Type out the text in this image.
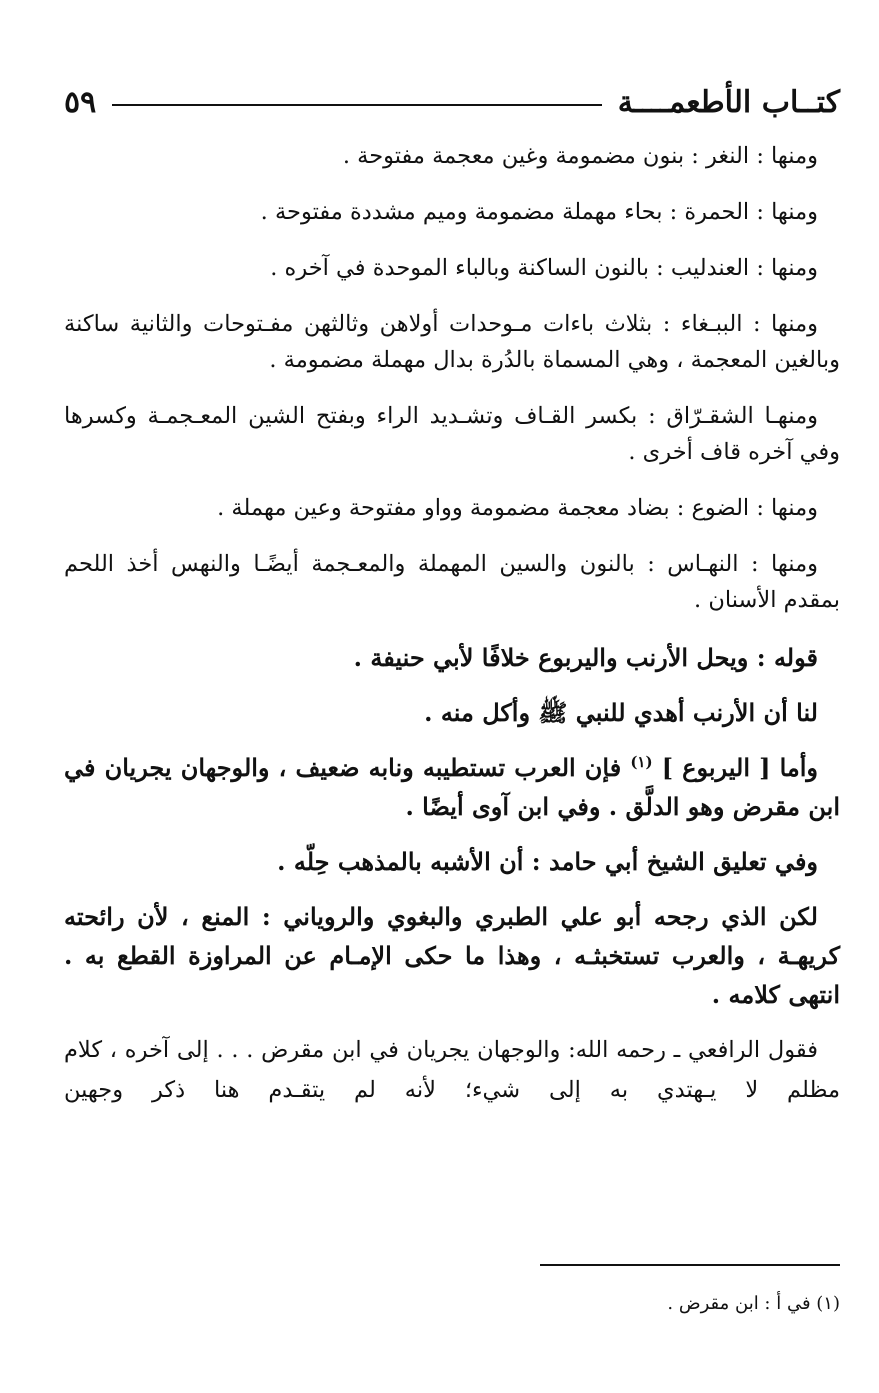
كتــاب الأطعمــــة
٥٩

ومنها : النغر : بنون مضمومة وغين معجمة مفتوحة .

ومنها : الحمرة : بحاء مهملة مضمومة وميم مشددة مفتوحة .

ومنها : العندليب : بالنون الساكنة وبالباء الموحدة في آخره .

ومنها : الببـغاء : بثلاث باءات مـوحدات أولاهن وثالثهن مفـتوحات والثانية ساكنة وبالغين المعجمة ، وهي المسماة بالدُرة بدال مهملة مضمومة .

ومنهـا الشقـرّاق : بكسر القـاف وتشـديد الراء وبفتح الشين المعـجمـة وكسرها وفي آخره قاف أخرى .

ومنها : الضوع : بضاد معجمة مضمومة وواو مفتوحة وعين مهملة .

ومنها : النهـاس : بالنون والسين المهملة والمعـجمة أيضًـا والنهس أخذ اللحم بمقدم الأسنان .

قوله : ويحل الأرنب واليربوع خلافًا لأبي حنيفة .

لنا أن الأرنب أهدي للنبي ﷺ وأكل منه .

وأما [ اليربوع ] $^{(١)}$ فإن العرب تستطيبه ونابه ضعيف ، والوجهان يجريان في ابن مقرض وهو الدلَّق . وفي ابن آوى أيضًا .

وفي تعليق الشيخ أبي حامد : أن الأشبه بالمذهب حِلّه .

لكن الذي رجحه أبو علي الطبري والبغوي والروياني : المنع ، لأن رائحته كريهـة ، والعرب تستخبثـه ، وهذا ما حكى الإمـام عن المراوزة القطع به . انتهى كلامه .

فقول الرافعي ـ رحمه الله: والوجهان يجريان في ابن مقرض . . . إلى آخره ، كلام مظلم لا يـهتدي به إلى شيء؛ لأنه لم يتقـدم هنا ذكر وجهين

(١) في أ : ابن مقرض .
